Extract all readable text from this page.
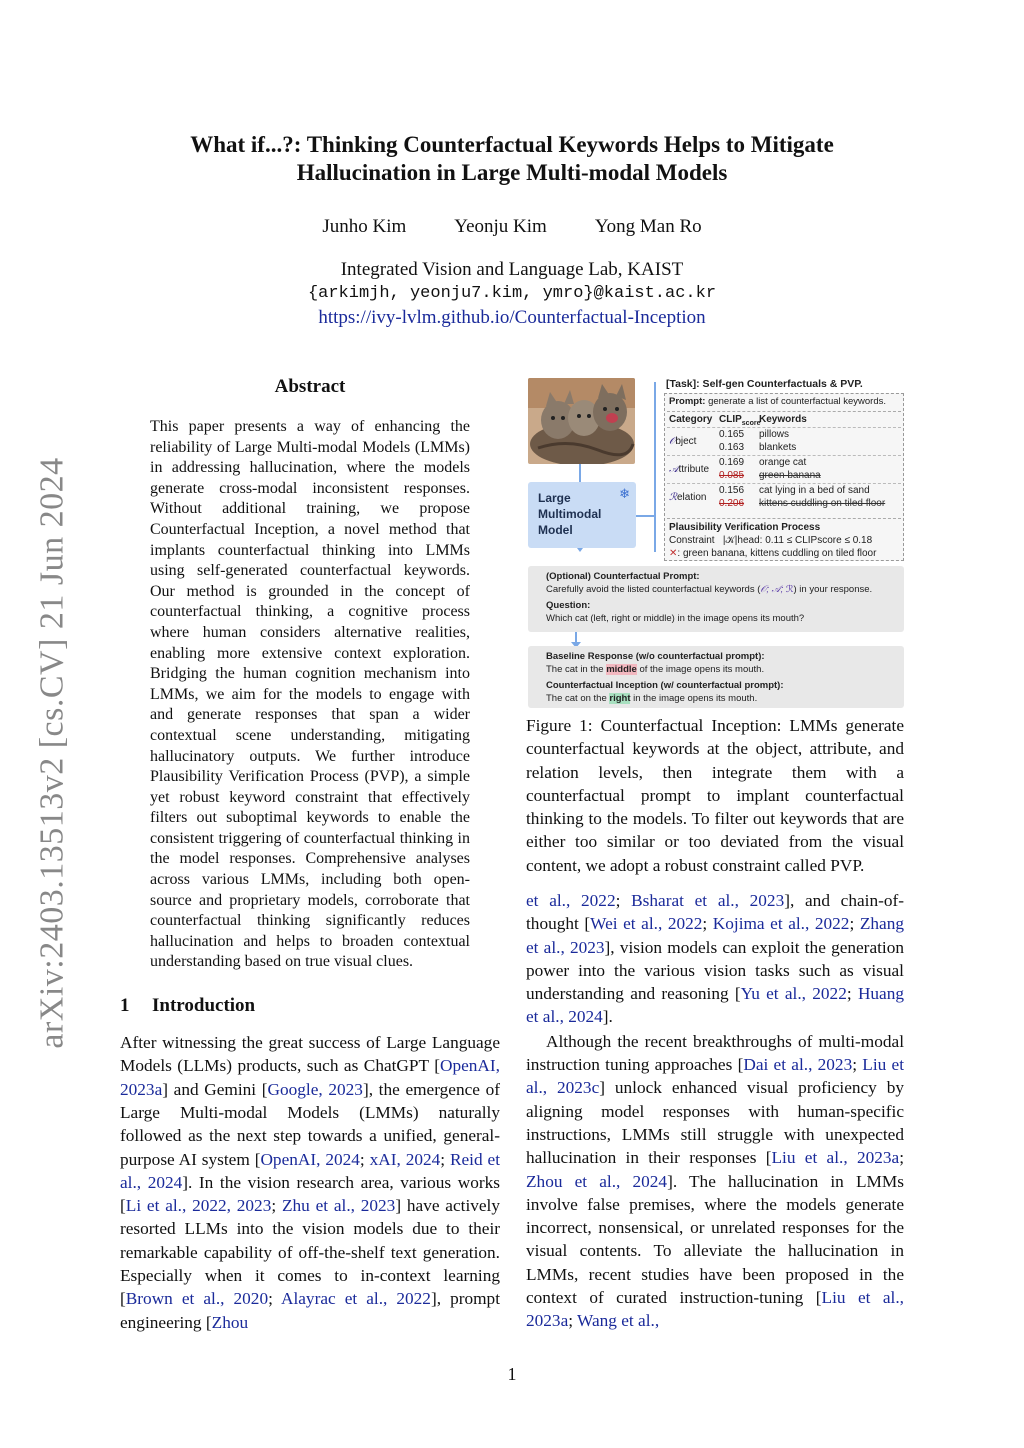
arXiv:2403.13513v2 [cs.CV] 21 Jun 2024
What if...?: Thinking Counterfactual Keywords Helps to Mitigate
Hallucination in Large Multi-modal Models
Junho Kim	Yeonju Kim	Yong Man Ro
Integrated Vision and Language Lab, KAIST
{arkimjh, yeonju7.kim, ymro}@kaist.ac.kr
https://ivy-lvlm.github.io/Counterfactual-Inception
Abstract
This paper presents a way of enhancing the reliability of Large Multi-modal Models (LMMs) in addressing hallucination, where the models generate cross-modal inconsistent responses. Without additional training, we propose Counterfactual Inception, a novel method that implants counterfactual thinking into LMMs using self-generated counterfactual keywords. Our method is grounded in the concept of counterfactual thinking, a cognitive process where human considers alternative realities, enabling more extensive context exploration. Bridging the human cognition mechanism into LMMs, we aim for the models to engage with and generate responses that span a wider contextual scene understanding, mitigating hallucinatory outputs. We further introduce Plausibility Verification Process (PVP), a simple yet robust keyword constraint that effectively filters out suboptimal keywords to enable the consistent triggering of counterfactual thinking in the model responses. Comprehensive analyses across various LMMs, including both open-source and proprietary models, corroborate that counterfactual thinking significantly reduces hallucination and helps to broaden contextual understanding based on true visual clues.
1 Introduction
After witnessing the great success of Large Language Models (LLMs) products, such as ChatGPT [OpenAI, 2023a] and Gemini [Google, 2023], the emergence of Large Multi-modal Models (LMMs) naturally followed as the next step towards a unified, general-purpose AI system [OpenAI, 2024; xAI, 2024; Reid et al., 2024]. In the vision research area, various works [Li et al., 2022, 2023; Zhu et al., 2023] have actively resorted LLMs into the vision models due to their remarkable capability of off-the-shelf text generation. Especially when it comes to in-context learning [Brown et al., 2020; Alayrac et al., 2022], prompt engineering [Zhou
Large Multimodal Model
❄
[Task]: Self-gen Counterfactuals & PVP.
Prompt: generate a list of counterfactual keywords.
Category $CLIP_{score}$
Keywords
𝒪 bject
0.165
0.163
pillows
blankets
𝒜 ttribute
0.169
0.085
orange cat
green banana
ℛ elation
0.156
0.206
cat lying in a bed of sand
kittens cuddling on tiled floor
Plausibility Verification Process
Constraint |𝒦|head: 0.11 ≤ CLIPscore ≤ 0.18
✕: green banana, kittens cuddling on tiled floor
(Optional) Counterfactual Prompt:
Carefully avoid the listed counterfactual keywords (𝒪; 𝒜; ℛ) in your response.
Question:
Which cat (left, right or middle) in the image opens its mouth?
Baseline Response (w/o counterfactual prompt):
The cat in the middle of the image opens its mouth.
Counterfactual Inception (w/ counterfactual prompt):
The cat on the right in the image opens its mouth.
Figure 1: Counterfactual Inception: LMMs generate counterfactual keywords at the object, attribute, and relation levels, then integrate them with a counterfactual prompt to implant counterfactual thinking to the models. To filter out keywords that are either too similar or too deviated from the visual content, we adopt a robust constraint called PVP.

et al., 2022; Bsharat et al., 2023], and chain-of-thought [Wei et al., 2022; Kojima et al., 2022; Zhang et al., 2023], vision models can exploit the generation power into the various vision tasks such as visual understanding and reasoning [Yu et al., 2022; Huang et al., 2024].

Although the recent breakthroughs of multi-modal instruction tuning approaches [Dai et al., 2023; Liu et al., 2023c] unlock enhanced visual proficiency by aligning model responses with human-specific instructions, LMMs still struggle with unexpected hallucination in their responses [Liu et al., 2023a; Zhou et al., 2024]. The hallucination in LMMs involve false premises, where the models generate incorrect, nonsensical, or unrelated responses for the visual contents. To alleviate the hallucination in LMMs, recent studies have been proposed in the context of curated instruction-tuning [Liu et al., 2023a; Wang et al.,

1
